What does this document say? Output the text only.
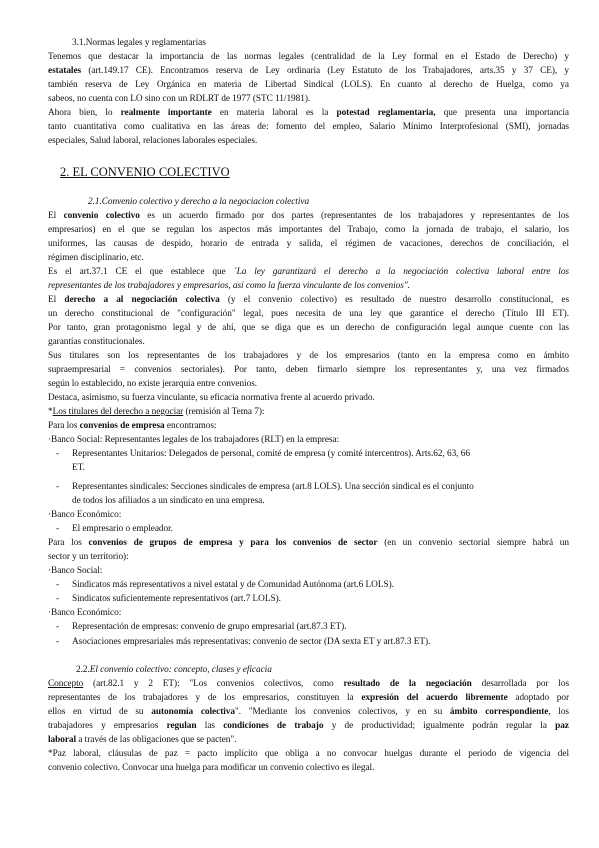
3.1.Normas legales y reglamentarias
Tenemos que destacar la importancia de las normas legales (centralidad de la Ley formal en el Estado de Derecho) y
estatales (art.149.17 CE). Encontramos reserva de Ley ordinaria (Ley Estatuto de los Trabajadores, arts.35 y 37 CE), y
también reserva de Ley Orgánica en materia de Libertad Sindical (LOLS). En cuanto al derecho de Huelga, como ya
sabeos, no cuenta con LO sino con un RDLRT de 1977 (STC 11/1981).
Ahora bien, lo realmente importante en materia laboral es la potestad reglamentaria, que presenta una importancia
tanto cuantitativa como cualitativa en las áreas de: fomento del empleo, Salario Mínimo Interprofesional (SMI), jornadas
especiales, Salud laboral, relaciones laborales especiales.
2. EL CONVENIO COLECTIVO
2.1.Convenio colectivo y derecho a la negociacion colectiva
El convenio colectivo es un acuerdo firmado por dos partes (representantes de los trabajadores y representantes de los
empresarios) en el que se regulan los aspectos más importantes del Trabajo, como la jornada de trabajo, el salario, los
uniformes, las causas de despido, horario de entrada y salida, el régimen de vacaciones, derechos de conciliación, el
régimen disciplinario, etc.
Es el art.37.1 CE el que establece que ´La ley garantizará el derecho a la negociación colectiva laboral entre los
representantes de los trabajadores y empresarios, así como la fuerza vinculante de los convenios".
El derecho a al negociación colectiva (y el convenio colectivo) es resultado de nuestro desarrollo constitucional, es
un derecho constitucional de "configuración" legal, pues necesita de una ley que garantice el derecho (Título III ET).
Por tanto, gran protagonismo legal y de ahí, que se diga que es un derecho de configuración legal aunque cuente con las
garantías constitucionales.
Sus titulares son los representantes de los trabajadores y de los empresarios (tanto en la empresa como en ámbito
supraempresarial = convenios sectoriales). Por tanto, deben firmarlo siempre los representantes y, una vez firmados
según lo establecido, no existe jerarquía entre convenios.
Destaca, asimismo, su fuerza vinculante, su eficacia normativa frente al acuerdo privado.
*Los titulares del derecho a negociar (remisión al Tema 7):
Para los convenios de empresa encontramos:
·Banco Social: Representantes legales de los trabajadores (RLT) en la empresa:
- Representantes Unitarios: Delegados de personal, comité de empresa (y comité intercentros). Arts.62, 63, 66
ET.
- Representantes sindicales: Secciones sindicales de empresa (art.8 LOLS). Una sección sindical es el conjunto
de todos los afiliados a un sindicato en una empresa.
·Banco Económico:
- El empresario o empleador.
Para los convenios de grupos de empresa y para los convenios de sector (en un convenio sectorial siempre habrá un
sector y un territorio):
·Banco Social:
- Sindicatos más representativos a nivel estatal y de Comunidad Autónoma (art.6 LOLS).
- Sindicatos suficientemente representativos (art.7 LOLS).
·Banco Económico:
- Representación de empresas: convenio de grupo empresarial (art.87.3 ET).
- Asociaciones empresariales más representativas: convenio de sector (DA sexta ET y art.87.3 ET).
2.2.El convenio colectivo: concepto, clases y eficacia
Concepto (art.82.1 y 2 ET): "Los convenios colectivos, como resultado de la negociación desarrollada por los
representantes de los trabajadores y de los empresarios, constituyen la expresión del acuerdo libremente adoptado por
ellos en virtud de su autonomía colectiva". "Mediante los convenios colectivos, y en su ámbito correspondiente, los
trabajadores y empresarios regulan las condiciones de trabajo y de productividad; igualmente podrán regular la paz
laboral a través de las obligaciones que se pacten".
*Paz laboral, cláusulas de paz = pacto implícito que obliga a no convocar huelgas durante el periodo de vigencia del
convenio colectivo. Convocar una huelga para modificar un convenio colectivo es ilegal.
